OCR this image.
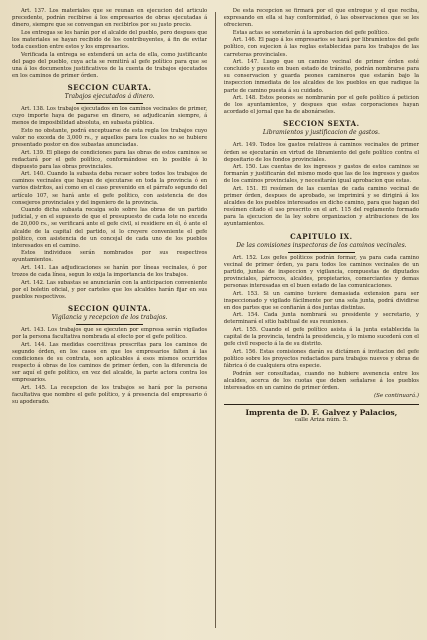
Art. 137. Los materiales que se reunan en ejecucion del artículo precedente, podrán recibirse á los empresarios de obras ejecutadas á dinero, siempre que se convengan en recibirlos por su justo precio.

Los entregas se les harán por el alcalde del pueblo, pero despues que los materiales se hayan recibido de los contribuyentes, á fin de evitar toda cuestion entre estos y los empresarios.

Verificada la entrega se extenderá un acta de ella, como justificante del pago del pueblo, cuya acta se remitirá al gefe político para que se una á los documentos justificativos de la cuenta de trabajos ejecutados en los caminos de primer órden.

SECCION CUARTA.
Trabajos ejecutados á dinero.

Art. 138. Los trabajos ejecutados en los caminos vecinales de primer, cuyo importe haya de pagarse en dinero, se adjudicarán siempre, á menos de imposibilidad absoluta, en subasta pública.

Esto no obstante, podrá exceptuarse de esta regla los trabajos cuyo valor no exceda de 3,000 rs., y aquellos para los cuales no se hubiere presentado postor en dos subastas anunciadas.

Art. 139. El pliego de condiciones para las obras de estos caminos se redactará por el gefe político, conformándose en lo posible á lo dispuesto para las obras provinciales.

Art. 140. Cuando la subasta deba recaer sobre todos los trabajos de caminos vecinales que hayan de ejecutarse en toda la provincia ó en varios distritos, así como en el caso prevenido en el párrafo segundo del artículo 107, se hará ante el gefe político, con asistencia de dos consejeros provinciales y del ingeniero de la provincia.

Cuando dicha subasta recaiga solo sobre las obras de un partido judicial, y en el supuesto de que el presupuesto de cada lote no exceda de 20,000 rs., se verificará ante el gefe civil, si residiere en él, ó ante el alcalde de la capital del partido, si lo creyere conveniente el gefe político, con asistencia de un concejal de cada uno de los pueblos interesados en el camino.

Estos individuos serán nombrados por sus respectivos ayuntamientos.

Art. 141. Las adjudicaciones se harán por líneas vecinales, ó por trozos de cada línea, segun lo exija la importancia de los trabajos.

Art. 142. Las subastas se anunciarán con la anticipacion conveniente por el boletin oficial, y por carteles que los alcaldes harán fijar en sus pueblos respectivos.

SECCION QUINTA.
Vigilancia y recepcion de los trabajos.

Art. 143. Los trabajos que se ejecuten por empresa serán vigilados por la persona facultativa nombrada al efecto por el gefe político.

Art. 144. Las medidas coercitivas prescritas para los caminos de segundo órden, en los casos en que los empresarios falten á las condiciones de su contrata, son aplicables á esos mismos ocurridos respecto á obras de los caminos de primer órden, con la diferencia de ser aquí el gefe político, en vez del alcalde, la parte actora contra los empresarios.

Art. 145. La recepcion de los trabajos se hará por la persona facultativa que nombre el gefe político, y á presencia del empresario ó su apoderado.

De esta recepcion se firmará por el que entregue y el que reciba, expresando en ella si hay conformidad, ó las observaciones que se les ofrecieren.

Estas actas se someterán á la aprobacion del gefe político.

Art. 146. El pago á los empresarios se hará por libramientos del gefe político, con sujecion á las reglas establecidas para los trabajos de las carreteras provinciales.

Art. 147. Luego que un camino vecinal de primer órden esté concluido y puesto en buen estado de tránsito, podrán nombrarse para su conservacion y guarda peones camineros que estarán bajo la inspeccion inmediata de los alcaldes de los pueblos en que radique la parte de camino puesta á su cuidado.

Art. 148. Estos peones se nombrarán por el gefe político á peticion de los ayuntamientos, y despues que estas corporaciones hayan acordado el jornal que ha de abonárseles.

SECCION SEXTA.
Libramientos y justificacion de gastos.

Art. 149. Todos los gastos relativos á caminos vecinales de primer órden se ejecutarán en virtud de libramiento del gefe político contra el depositario de los fondos provinciales.

Art. 150. Las cuentas de los ingresos y gastos de estos caminos se formarán y justificarán del mismo modo que las de los ingresos y gastos de los caminos provinciales, y necesitarán igual aprobacion que estas.

Art. 151. El resúmen de las cuentas de cada camino vecinal de primer órden, despues de aprobado, se imprimirá y se dirigirá á los alcaldes de los pueblos interesados en dicho camino, para que hagan del resúmen citado el uso prescrito en el art. 115 del reglamento formado para la ejecucion de la ley sobre organizacion y atribuciones de los ayuntamientos.

CAPITULO IX.
De las comisiones inspectoras de los caminos vecinales.

Art. 152. Los gefes políticos podrán formar, ya para cada camino vecinal de primer órden, ya para todos los caminos vecinales de un partido, juntas de inspeccion y vigilancia, compuestas de diputados provinciales, párrocos, alcaldes, propietarios, comerciantes y demas personas interesadas en el buen estado de las comunicaciones.

Art. 153. Si un camino tuviere demasiada extension para ser inspeccionado y vigilado fácilmente por una sola junta, podrá dividirse en dos partes que se confiarán á dos juntas distintas.

Art. 154. Cada junta nombrará su presidente y secretario, y determinará el sitio habitual de sus reuniones.

Art. 155. Cuando el gefe político asista á la junta establecida la capital de la provincia, tendrá la presidencia, y lo mismo sucederá con el gefe civil respecto á la de su distrito.

Art. 156. Estas comisiones darán su dictámen á invitacion del gefe político sobre los proyectos redactados para trabajos nuevos y obras de fábrica ó de cualquiera otra especie.

Podrán ser consultadas, cuando no hubiere avenencia entre los alcaldes, acerca de los cuotas que deben señalarse á los pueblos interesados en un camino de primer órden.

(Se continuará.)
Imprenta de D. F. Galvez y Palacios,
calle Ariza núm. 5.
